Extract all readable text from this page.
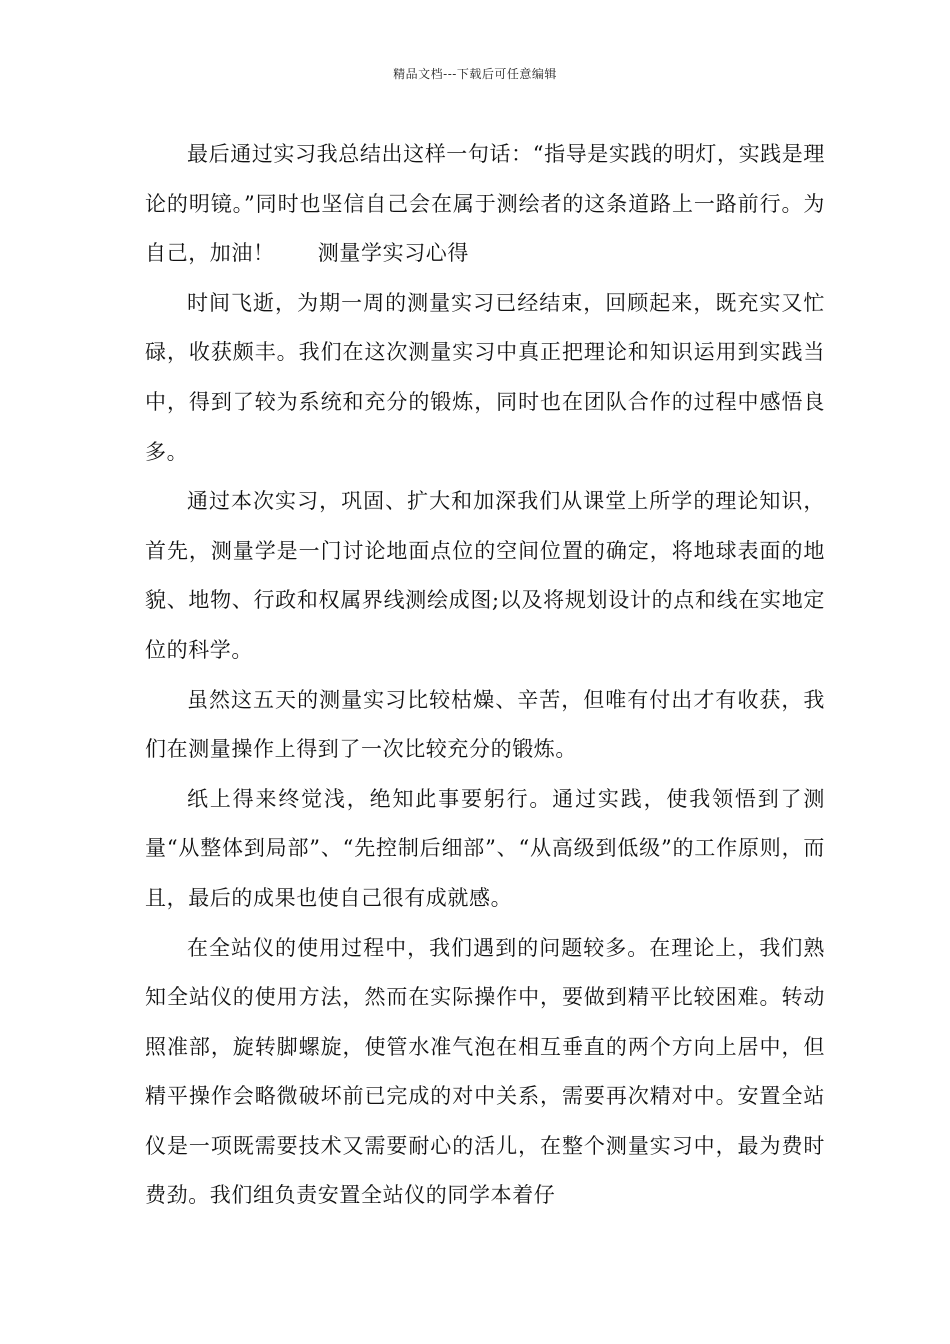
精品文档---下载后可任意编辑

最后通过实习我总结出这样一句话：“指导是实践的明灯，实践是理论的明镜。”同时也坚信自己会在属于测绘者的这条道路上一路前行。为自己，加油！　　测量学实习心得

时间飞逝，为期一周的测量实习已经结束，回顾起来，既充实又忙碌，收获颇丰。我们在这次测量实习中真正把理论和知识运用到实践当中，得到了较为系统和充分的锻炼，同时也在团队合作的过程中感悟良多。

通过本次实习，巩固、扩大和加深我们从课堂上所学的理论知识，首先，测量学是一门讨论地面点位的空间位置的确定，将地球表面的地貌、地物、行政和权属界线测绘成图;以及将规划设计的点和线在实地定位的科学。

虽然这五天的测量实习比较枯燥、辛苦，但唯有付出才有收获，我们在测量操作上得到了一次比较充分的锻炼。

纸上得来终觉浅，绝知此事要躬行。通过实践，使我领悟到了测量“从整体到局部”、“先控制后细部”、“从高级到低级”的工作原则，而且，最后的成果也使自己很有成就感。

在全站仪的使用过程中，我们遇到的问题较多。在理论上，我们熟知全站仪的使用方法，然而在实际操作中，要做到精平比较困难。转动照准部，旋转脚螺旋，使管水准气泡在相互垂直的两个方向上居中，但精平操作会略微破坏前已完成的对中关系，需要再次精对中。安置全站仪是一项既需要技术又需要耐心的活儿，在整个测量实习中，最为费时费劲。我们组负责安置全站仪的同学本着仔
